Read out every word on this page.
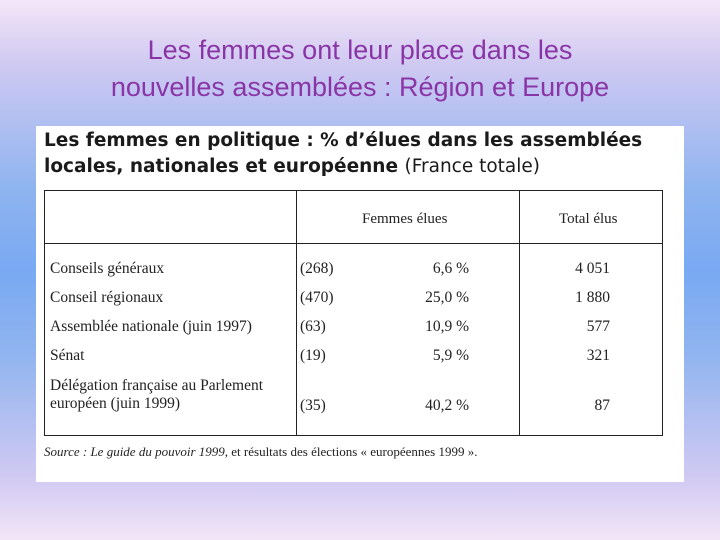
Les femmes ont leur place dans les
nouvelles assemblées : Région et Europe
Les femmes en politique : % d’élues dans les assemblées
locales, nationales et européenne (France totale)
Femmes élues	Total élus
Conseils généraux	(268)	6,6 %	4 051
Conseil régionaux	(470)	25,0 %	1 880
Assemblée nationale (juin 1997)	(63)	10,9 %	577
Sénat	(19)	5,9 %	321
Délégation française au Parlement
européen (juin 1999)	(35)	40,2 %	87
Source : Le guide du pouvoir 1999, et résultats des élections « européennes 1999 ».
